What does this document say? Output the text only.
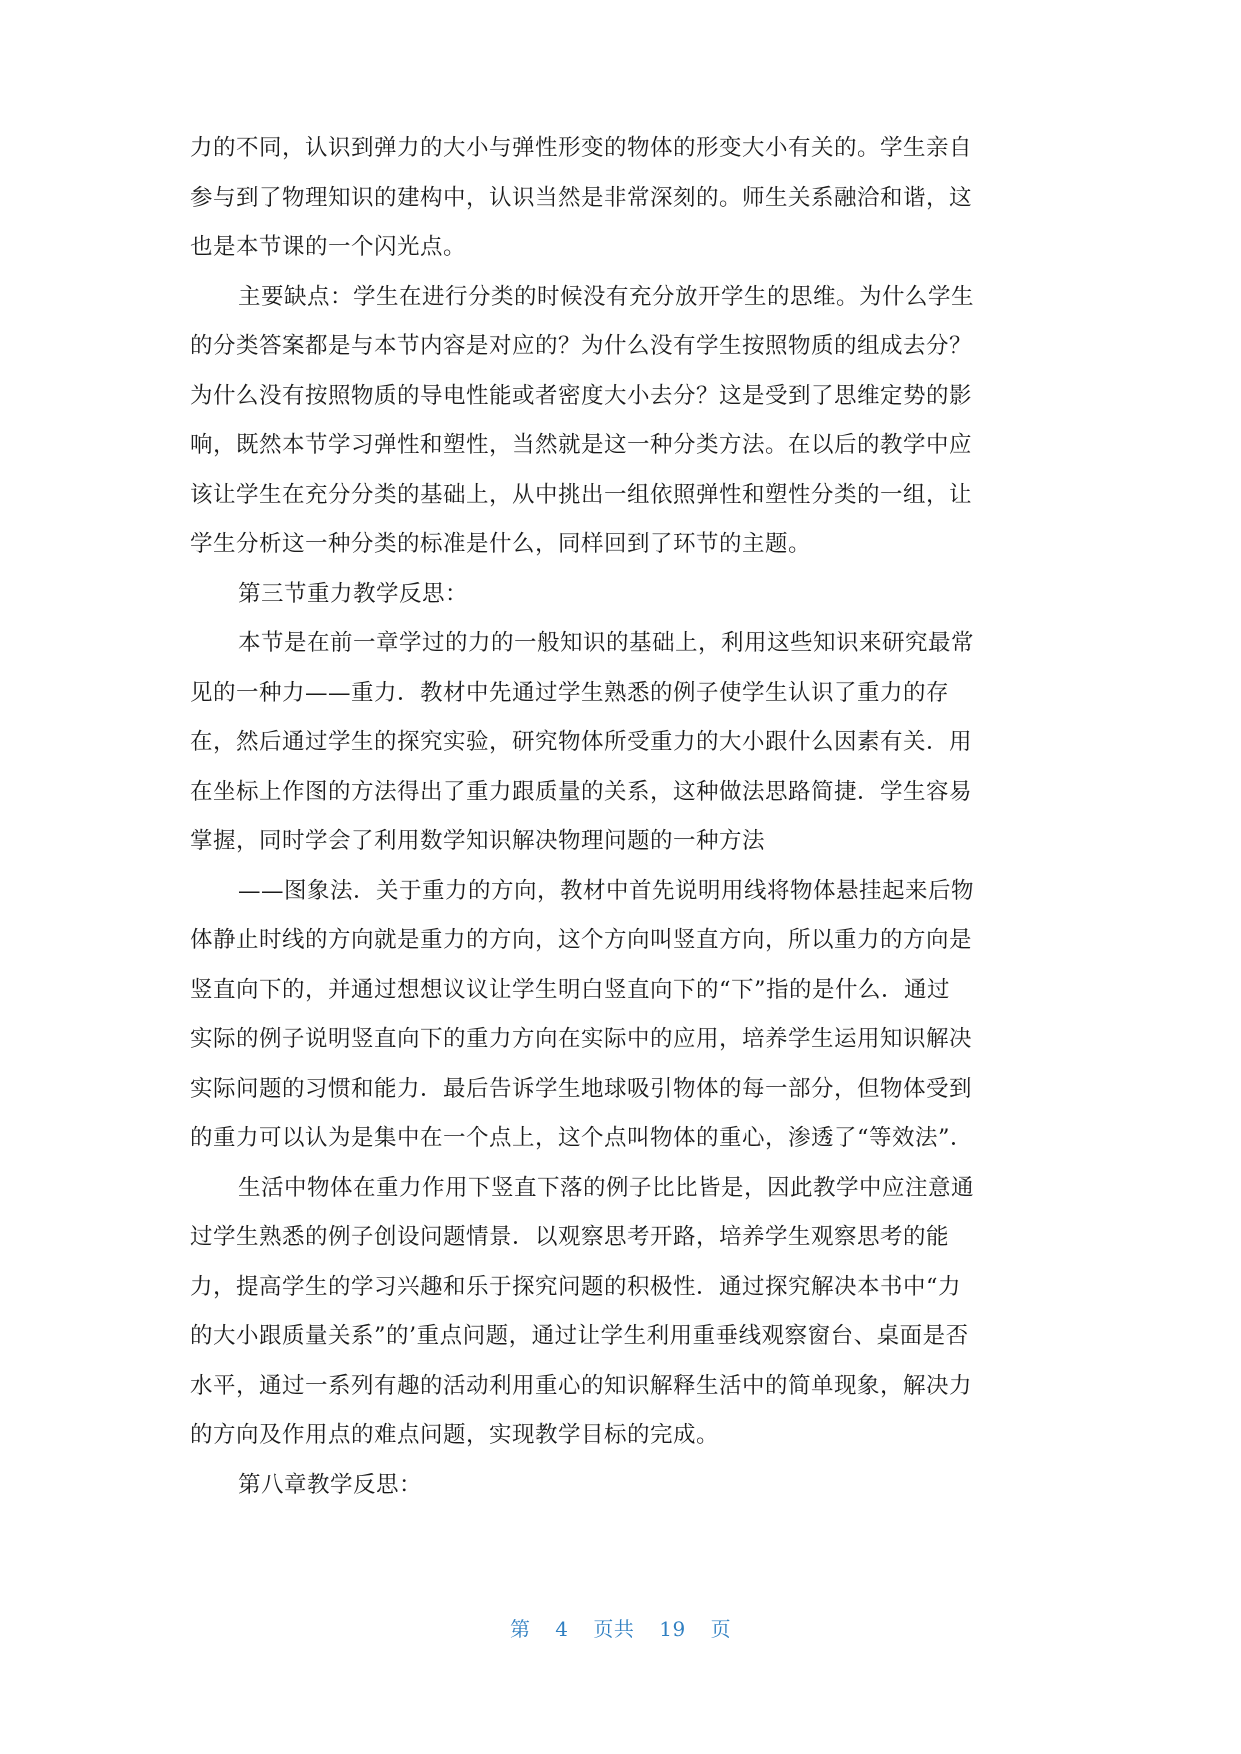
力的不同，认识到弹力的大小与弹性形变的物体的形变大小有关的。学生亲自
参与到了物理知识的建构中，认识当然是非常深刻的。师生关系融洽和谐，这
也是本节课的一个闪光点。
主要缺点：学生在进行分类的时候没有充分放开学生的思维。为什么学生
的分类答案都是与本节内容是对应的？为什么没有学生按照物质的组成去分？
为什么没有按照物质的导电性能或者密度大小去分？这是受到了思维定势的影
响，既然本节学习弹性和塑性，当然就是这一种分类方法。在以后的教学中应
该让学生在充分分类的基础上，从中挑出一组依照弹性和塑性分类的一组，让
学生分析这一种分类的标准是什么，同样回到了环节的主题。
第三节重力教学反思：
本节是在前一章学过的力的一般知识的基础上，利用这些知识来研究最常
见的一种力——重力．教材中先通过学生熟悉的例子使学生认识了重力的存
在，然后通过学生的探究实验，研究物体所受重力的大小跟什么因素有关．用
在坐标上作图的方法得出了重力跟质量的关系，这种做法思路简捷．学生容易
掌握，同时学会了利用数学知识解决物理问题的一种方法
——图象法．关于重力的方向，教材中首先说明用线将物体悬挂起来后物
体静止时线的方向就是重力的方向，这个方向叫竖直方向，所以重力的方向是
竖直向下的，并通过想想议议让学生明白竖直向下的“下”指的是什么．通过
实际的例子说明竖直向下的重力方向在实际中的应用，培养学生运用知识解决
实际问题的习惯和能力．最后告诉学生地球吸引物体的每一部分，但物体受到
的重力可以认为是集中在一个点上，这个点叫物体的重心，渗透了“等效法”．
生活中物体在重力作用下竖直下落的例子比比皆是，因此教学中应注意通
过学生熟悉的例子创设问题情景．以观察思考开路，培养学生观察思考的能
力，提高学生的学习兴趣和乐于探究问题的积极性．通过探究解决本书中“力
的大小跟质量关系”的’重点问题，通过让学生利用重垂线观察窗台、桌面是否
水平，通过一系列有趣的活动利用重心的知识解释生活中的简单现象，解决力
的方向及作用点的难点问题，实现教学目标的完成。
第八章教学反思：
第 4 页共 19 页
